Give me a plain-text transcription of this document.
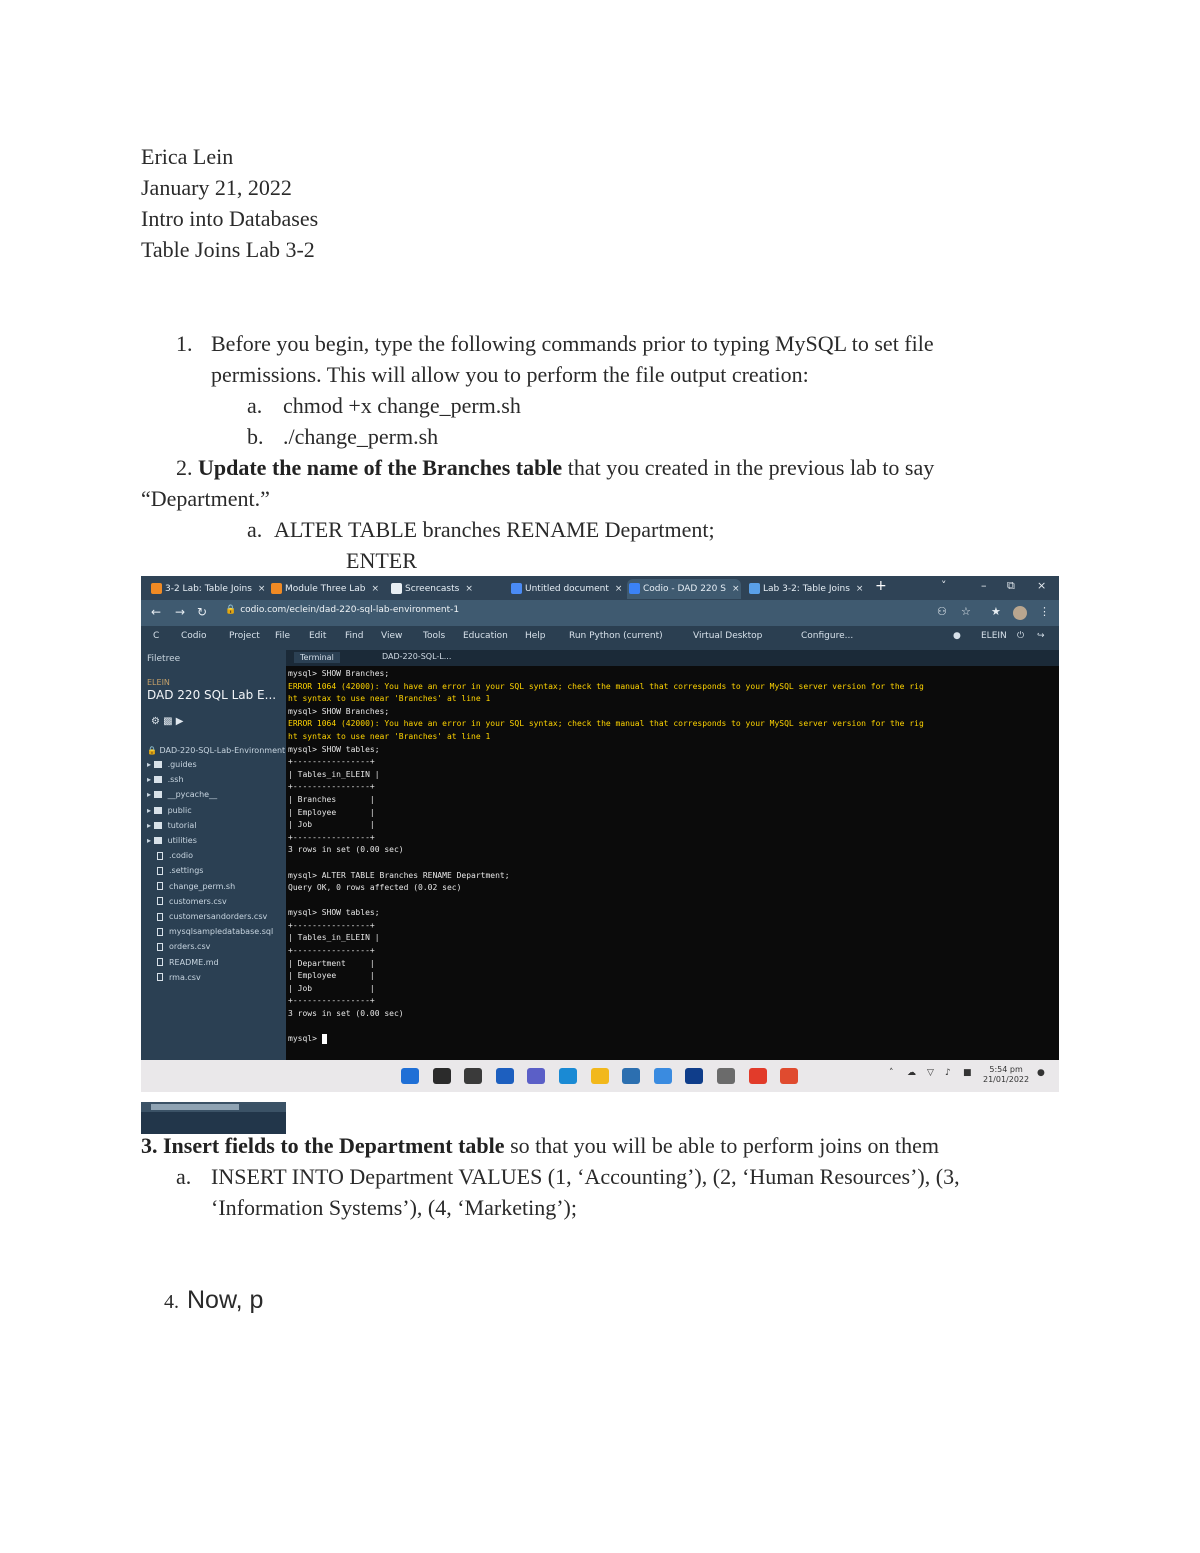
Erica Lein
January 21, 2022
Intro into Databases
Table Joins Lab 3-2
1. Before you begin, type the following commands prior to typing MySQL to set file
permissions. This will allow you to perform the file output creation:
a. chmod +x change_perm.sh
b. ./change_perm.sh
2. Update the name of the Branches table that you created in the previous lab to say
“Department.”
a. ALTER TABLE branches RENAME Department;
ENTER
3-2 Lab: Table Joins ×	Module Three Lab ×	Screencasts ×	Untitled document ×	Codio - DAD 220 S ×	Lab 3-2: Table Joins × +	˅	– ⧉ ×
← → ↻ 🔒 codio.com/eclein/dad-220-sql-lab-environment-1	⚇ ☆ ★	⋮
Codio Project File Edit Find View Tools Education Help	Run Python (current)	Virtual Desktop	Configure...
C	ELEIN
●	⏻ ↪
Filetree
ELEIN
DAD 220 SQL Lab E...
⚙ ▩ ▶
🔒 DAD-220-SQL-Lab-Environment
▸ .guides
▸ .ssh
▸ __pycache__
▸ public
▸ tutorial
▸ utilities
.codio
.settings
change_perm.sh
customers.csv
customersandorders.csv
mysqlsampledatabase.sql
orders.csv
README.md
rma.csv
Terminal	DAD-220-SQL-L...
mysql> SHOW Branches;
ERROR 1064 (42000): You have an error in your SQL syntax; check the manual that corresponds to your MySQL server version for the rig
ht syntax to use near 'Branches' at line 1
mysql> SHOW Branches;
ERROR 1064 (42000): You have an error in your SQL syntax; check the manual that corresponds to your MySQL server version for the rig
ht syntax to use near 'Branches' at line 1
mysql> SHOW tables;
+----------------+
| Tables_in_ELEIN |
+----------------+
| Branches       |
| Employee       |
| Job            |
+----------------+
3 rows in set (0.00 sec)

mysql> ALTER TABLE Branches RENAME Department;
Query OK, 0 rows affected (0.02 sec)

mysql> SHOW tables;
+----------------+
| Tables_in_ELEIN |
+----------------+
| Department     |
| Employee       |
| Job            |
+----------------+
3 rows in set (0.00 sec)

mysql>
5:54 pm
21/01/2022
˄ ☁ ▽ ♪ ■	●
3. Insert fields to the Department table so that you will be able to perform joins on them
a. INSERT INTO Department VALUES (1, ‘Accounting’), (2, ‘Human Resources’), (3,
‘Information Systems’), (4, ‘Marketing’);
4. Now, p
